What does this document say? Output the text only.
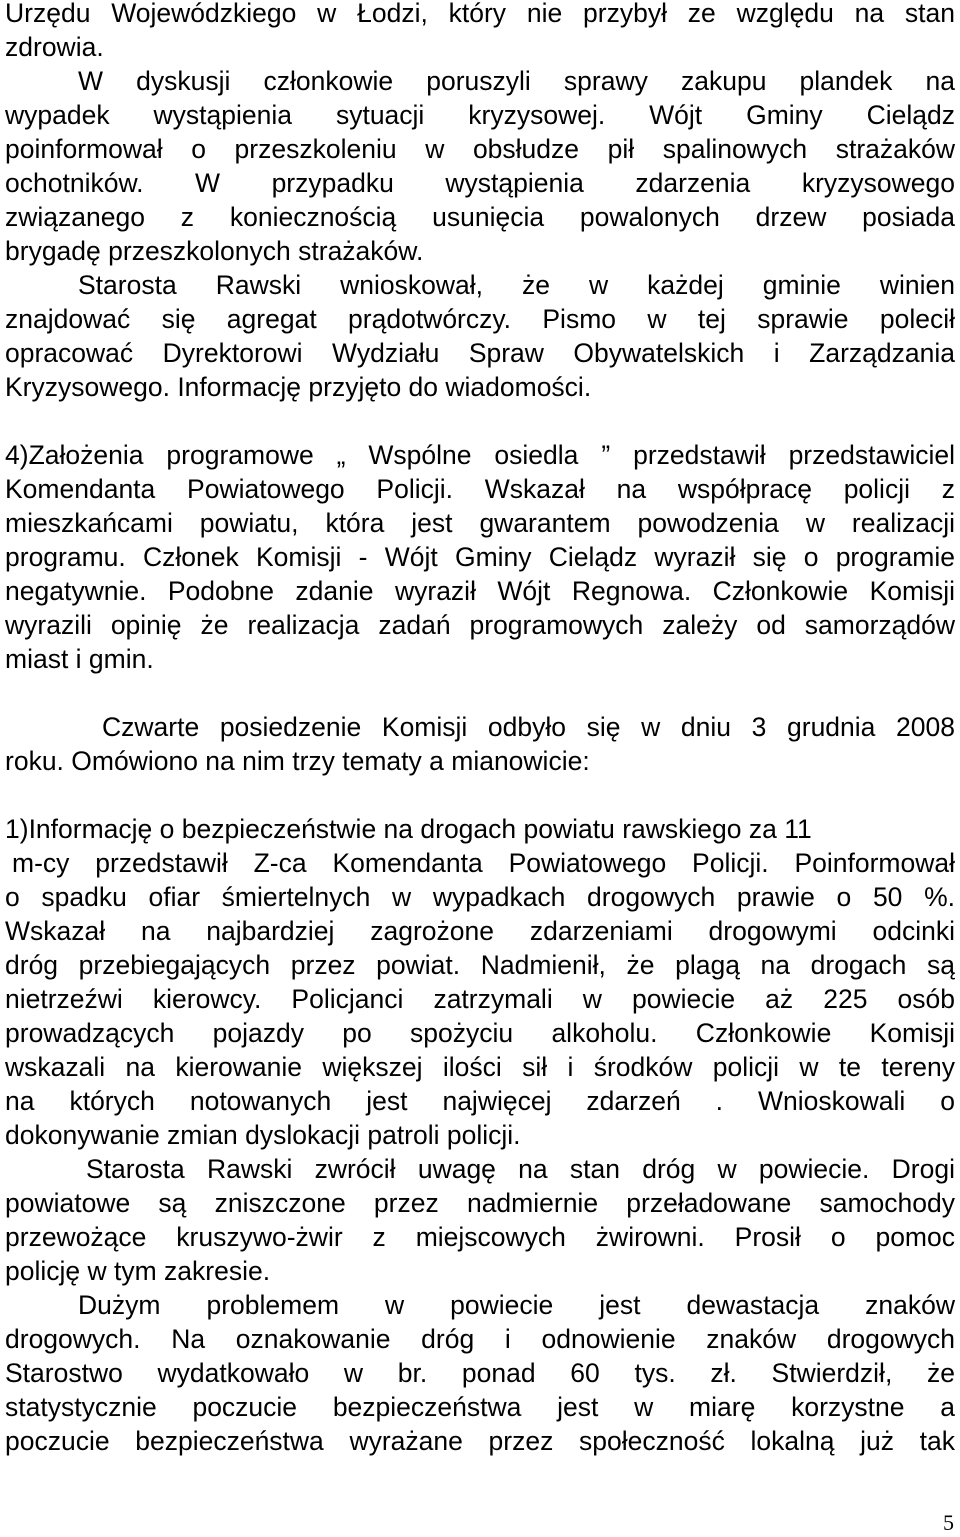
Urzędu Wojewódzkiego w Łodzi, który nie przybył ze względu na stan
zdrowia.
W dyskusji członkowie poruszyli sprawy zakupu plandek na
wypadek wystąpienia sytuacji kryzysowej. Wójt Gminy Cielądz
poinformował o przeszkoleniu w obsłudze pił spalinowych strażaków
ochotników. W przypadku wystąpienia zdarzenia kryzysowego
związanego z koniecznością usunięcia powalonych drzew posiada
brygadę przeszkolonych strażaków.
Starosta Rawski wnioskował, że w każdej gminie winien
znajdować się agregat prądotwórczy. Pismo w tej sprawie polecił
opracować Dyrektorowi Wydziału Spraw Obywatelskich i Zarządzania
Kryzysowego. Informację przyjęto do wiadomości.
4)Założenia programowe „ Wspólne osiedla ” przedstawił przedstawiciel
Komendanta Powiatowego Policji. Wskazał na współpracę policji z
mieszkańcami powiatu, która jest gwarantem powodzenia w realizacji
programu. Członek Komisji - Wójt Gminy Cielądz wyraził się o programie
negatywnie. Podobne zdanie wyraził Wójt Regnowa. Członkowie Komisji
wyrazili opinię że realizacja zadań programowych zależy od samorządów
miast i gmin.
Czwarte posiedzenie Komisji odbyło się w dniu 3 grudnia 2008
roku. Omówiono na nim trzy tematy a mianowicie:
1)Informację o bezpieczeństwie na drogach powiatu rawskiego za 11
m-cy przedstawił Z-ca Komendanta Powiatowego Policji. Poinformował
o spadku ofiar śmiertelnych w wypadkach drogowych prawie o 50 %.
Wskazał na najbardziej zagrożone zdarzeniami drogowymi odcinki
dróg przebiegających przez powiat. Nadmienił, że plagą na drogach są
nietrzeźwi kierowcy. Policjanci zatrzymali w powiecie aż 225 osób
prowadzących pojazdy po spożyciu alkoholu. Członkowie Komisji
wskazali na kierowanie większej ilości sił i środków policji w te tereny
na których notowanych jest najwięcej zdarzeń . Wnioskowali o
dokonywanie zmian dyslokacji patroli policji.
Starosta Rawski zwrócił uwagę na stan dróg w powiecie. Drogi
powiatowe są zniszczone przez nadmiernie przeładowane samochody
przewożące kruszywo-żwir z miejscowych żwirowni. Prosił o pomoc
policję w tym zakresie.
Dużym problemem w powiecie jest dewastacja znaków
drogowych. Na oznakowanie dróg i odnowienie znaków drogowych
Starostwo wydatkowało w br. ponad 60 tys. zł. Stwierdził, że
statystycznie poczucie bezpieczeństwa jest w miarę korzystne a
poczucie bezpieczeństwa wyrażane przez społeczność lokalną już tak
5
